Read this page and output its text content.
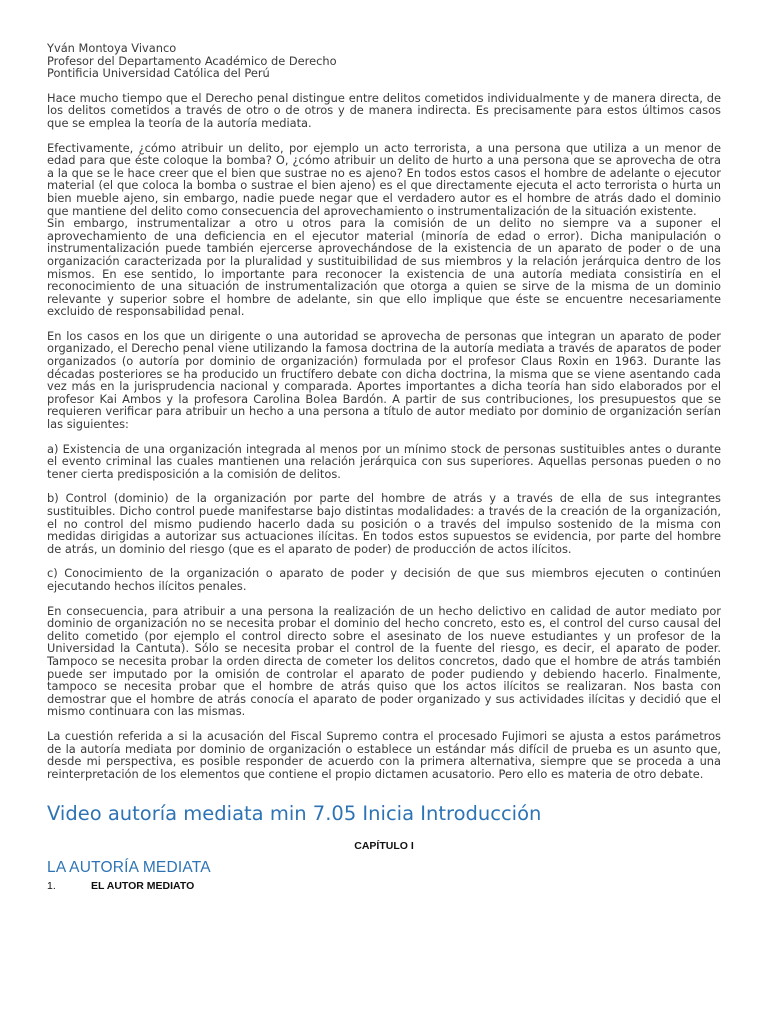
Yván Montoya Vivanco
Profesor del Departamento Académico de Derecho
Pontificia Universidad Católica del Perú

Hace mucho tiempo que el Derecho penal distingue entre delitos cometidos individualmente y de manera directa, de los delitos cometidos a través de otro o de otros y de manera indirecta. Es precisamente para estos últimos casos que se emplea la teoría de la autoría mediata.

Efectivamente, ¿cómo atribuir un delito, por ejemplo un acto terrorista, a una persona que utiliza a un menor de edad para que éste coloque la bomba? O, ¿cómo atribuir un delito de hurto a una persona que se aprovecha de otra a la que se le hace creer que el bien que sustrae no es ajeno? En todos estos casos el hombre de adelante o ejecutor material (el que coloca la bomba o sustrae el bien ajeno) es el que directamente ejecuta el acto terrorista o hurta un bien mueble ajeno, sin embargo, nadie puede negar que el verdadero autor es el hombre de atrás dado el dominio que mantiene del delito como consecuencia del aprovechamiento o instrumentalización de la situación existente.

Sin embargo, instrumentalizar a otro u otros para la comisión de un delito no siempre va a suponer el aprovechamiento de una deficiencia en el ejecutor material (minoría de edad o error). Dicha manipulación o instrumentalización puede también ejercerse aprovechándose de la existencia de un aparato de poder o de una organización caracterizada por la pluralidad y sustituibilidad de sus miembros y la relación jerárquica dentro de los mismos. En ese sentido, lo importante para reconocer la existencia de una autoría mediata consistiría en el reconocimiento de una situación de instrumentalización que otorga a quien se sirve de la misma de un dominio relevante y superior sobre el hombre de adelante, sin que ello implique que éste se encuentre necesariamente excluido de responsabilidad penal.

En los casos en los que un dirigente o una autoridad se aprovecha de personas que integran un aparato de poder organizado, el Derecho penal viene utilizando la famosa doctrina de la autoría mediata a través de aparatos de poder organizados (o autoría por dominio de organización) formulada por el profesor Claus Roxin en 1963. Durante las décadas posteriores se ha producido un fructífero debate con dicha doctrina, la misma que se viene asentando cada vez más en la jurisprudencia nacional y comparada. Aportes importantes a dicha teoría han sido elaborados por el profesor Kai Ambos y la profesora Carolina Bolea Bardón. A partir de sus contribuciones, los presupuestos que se requieren verificar para atribuir un hecho a una persona a título de autor mediato por dominio de organización serían las siguientes:

a) Existencia de una organización integrada al menos por un mínimo stock de personas sustituibles antes o durante el evento criminal las cuales mantienen una relación jerárquica con sus superiores. Aquellas personas pueden o no tener cierta predisposición a la comisión de delitos.

b) Control (dominio) de la organización por parte del hombre de atrás y a través de ella de sus integrantes sustituibles. Dicho control puede manifestarse bajo distintas modalidades: a través de la creación de la organización, el no control del mismo pudiendo hacerlo dada su posición o a través del impulso sostenido de la misma con medidas dirigidas a autorizar sus actuaciones ilícitas. En todos estos supuestos se evidencia, por parte del hombre de atrás, un dominio del riesgo (que es el aparato de poder) de producción de actos ilícitos.

c) Conocimiento de la organización o aparato de poder y decisión de que sus miembros ejecuten o continúen ejecutando hechos ilícitos penales.

En consecuencia, para atribuir a una persona la realización de un hecho delictivo en calidad de autor mediato por dominio de organización no se necesita probar el dominio del hecho concreto, esto es, el control del curso causal del delito cometido (por ejemplo el control directo sobre el asesinato de los nueve estudiantes y un profesor de la Universidad la Cantuta). Sólo se necesita probar el control de la fuente del riesgo, es decir, el aparato de poder. Tampoco se necesita probar la orden directa de cometer los delitos concretos, dado que el hombre de atrás también puede ser imputado por la omisión de controlar el aparato de poder pudiendo y debiendo hacerlo. Finalmente, tampoco se necesita probar que el hombre de atrás quiso que los actos ilícitos se realizaran. Nos basta con demostrar que el hombre de atrás conocía el aparato de poder organizado y sus actividades ilícitas y decidió que el mismo continuara con las mismas.

La cuestión referida a si la acusación del Fiscal Supremo contra el procesado Fujimori se ajusta a estos parámetros de la autoría mediata por dominio de organización o establece un estándar más difícil de prueba es un asunto que, desde mi perspectiva, es posible responder de acuerdo con la primera alternativa, siempre que se proceda a una reinterpretación de los elementos que contiene el propio dictamen acusatorio. Pero ello es materia de otro debate.

Video autoría mediata min 7.05 Inicia Introducción
CAPÍTULO I
LA AUTORÍA MEDIATA
1.	EL AUTOR MEDIATO
